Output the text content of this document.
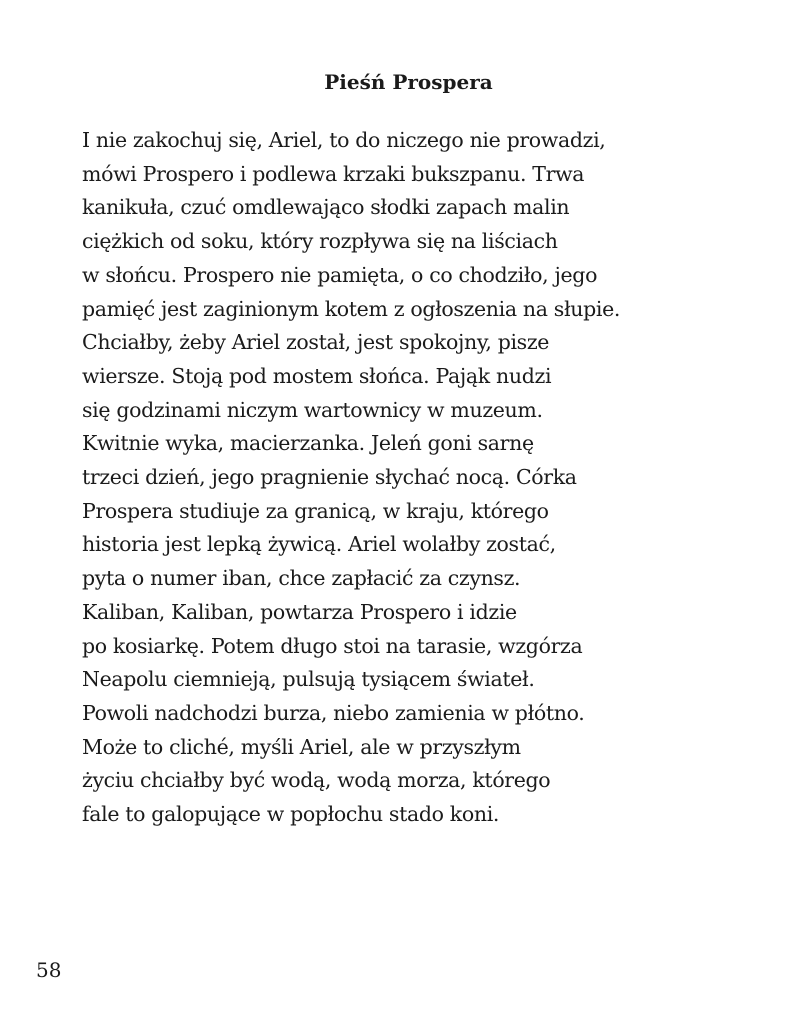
Pieśń Prospera
I nie zakochuj się, Ariel, to do niczego nie prowadzi,
mówi Prospero i podlewa krzaki bukszpanu. Trwa
kanikuła, czuć omdlewająco słodki zapach malin
ciężkich od soku, który rozpływa się na liściach
w słońcu. Prospero nie pamięta, o co chodziło, jego
pamięć jest zaginionym kotem z ogłoszenia na słupie.
Chciałby, żeby Ariel został, jest spokojny, pisze
wiersze. Stoją pod mostem słońca. Pająk nudzi
się godzinami niczym wartownicy w muzeum.
Kwitnie wyka, macierzanka. Jeleń goni sarnę
trzeci dzień, jego pragnienie słychać nocą. Córka
Prospera studiuje za granicą, w kraju, którego
historia jest lepką żywicą. Ariel wolałby zostać,
pyta o numer iban, chce zapłacić za czynsz.
Kaliban, Kaliban, powtarza Prospero i idzie
po kosiarkę. Potem długo stoi na tarasie, wzgórza
Neapolu ciemnieją, pulsują tysiącem świateł.
Powoli nadchodzi burza, niebo zamienia w płótno.
Może to cliché, myśli Ariel, ale w przyszłym
życiu chciałby być wodą, wodą morza, którego
fale to galopujące w popłochu stado koni.
58
